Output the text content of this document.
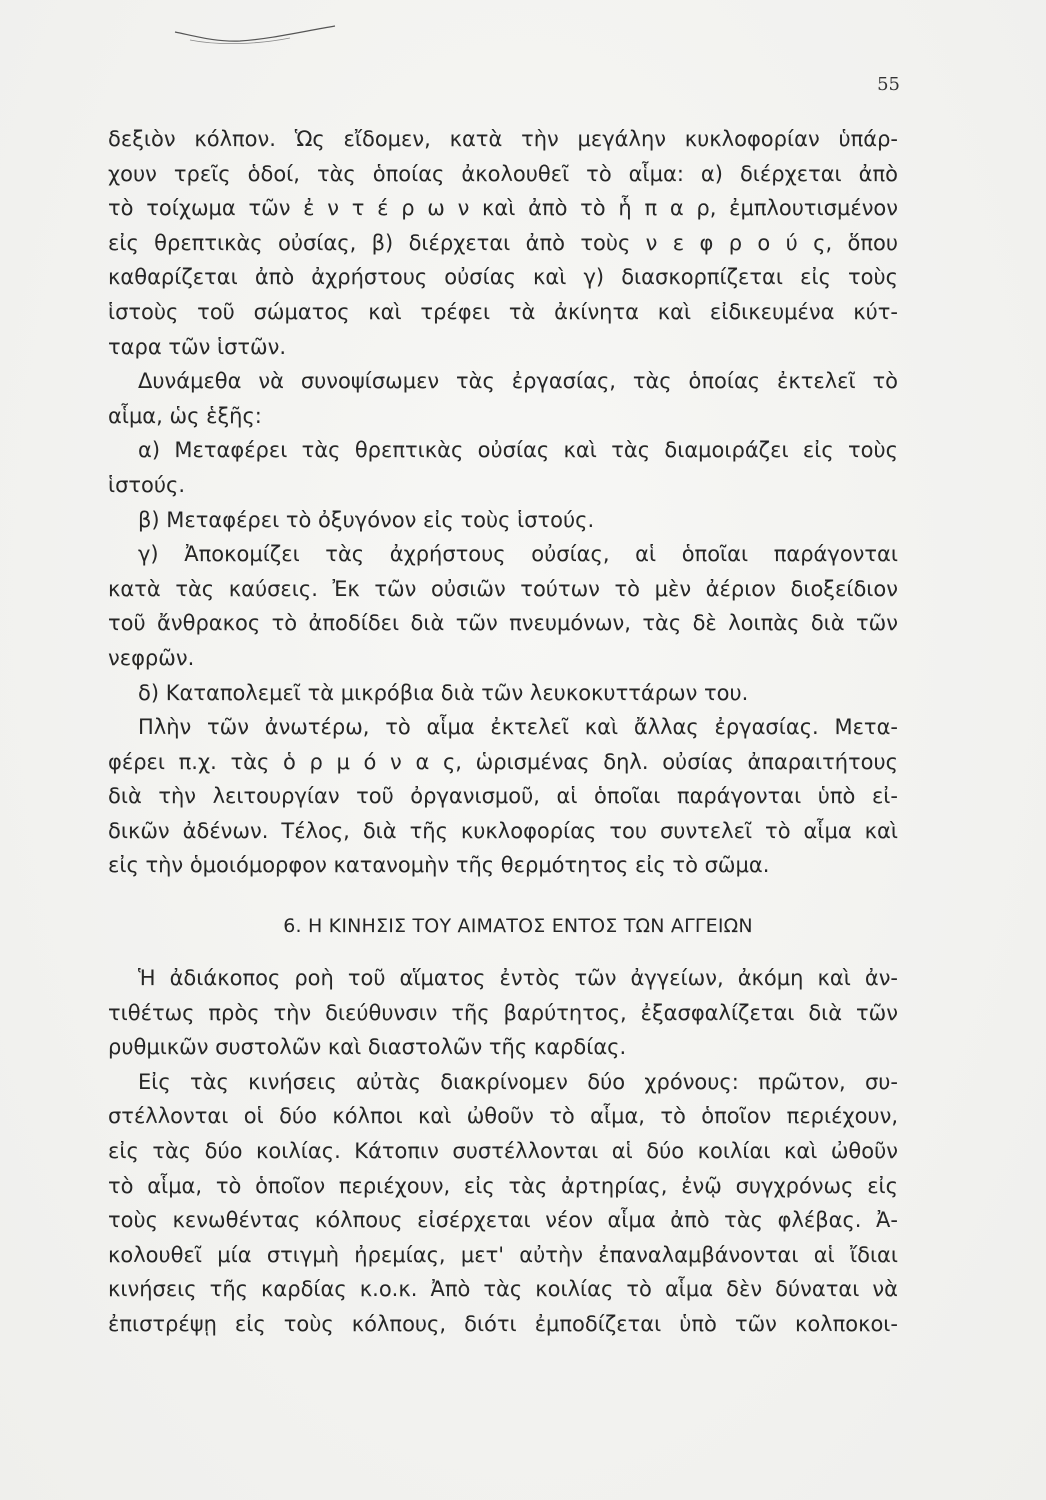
55
δεξιὸν κόλπον. Ὡς εἴδομεν, κατὰ τὴν μεγάλην κυκλοφορίαν ὑπάρ-
χουν τρεῖς ὁδοί, τὰς ὁποίας ἀκολουθεῖ τὸ αἷμα: α) διέρχεται ἀπὸ
τὸ τοίχωμα τῶν ἐ ν τ έ ρ ω ν καὶ ἀπὸ τὸ ἧ π α ρ, ἐμπλουτισμένον
εἰς θρεπτικὰς οὐσίας, β) διέρχεται ἀπὸ τοὺς ν ε φ ρ ο ύ ς, ὅπου
καθαρίζεται ἀπὸ ἀχρήστους οὐσίας καὶ γ) διασκορπίζεται εἰς τοὺς
ἱστοὺς τοῦ σώματος καὶ τρέφει τὰ ἀκίνητα καὶ εἰδικευμένα κύτ-
ταρα τῶν ἱστῶν.
Δυνάμεθα νὰ συνοψίσωμεν τὰς ἐργασίας, τὰς ὁποίας ἐκτελεῖ τὸ
αἷμα, ὡς ἑξῆς:
α) Μεταφέρει τὰς θρεπτικὰς οὐσίας καὶ τὰς διαμοιράζει εἰς τοὺς
ἱστούς.
β) Μεταφέρει τὸ ὀξυγόνον εἰς τοὺς ἱστούς.
γ) Ἀποκομίζει τὰς ἀχρήστους οὐσίας, αἱ ὁποῖαι παράγονται
κατὰ τὰς καύσεις. Ἐκ τῶν οὐσιῶν τούτων τὸ μὲν ἀέριον διοξείδιον
τοῦ ἄνθρακος τὸ ἀποδίδει διὰ τῶν πνευμόνων, τὰς δὲ λοιπὰς διὰ τῶν
νεφρῶν.
δ) Καταπολεμεῖ τὰ μικρόβια διὰ τῶν λευκοκυττάρων του.
Πλὴν τῶν ἀνωτέρω, τὸ αἷμα ἐκτελεῖ καὶ ἄλλας ἐργασίας. Μετα-
φέρει π.χ. τὰς ὁ ρ μ ό ν α ς, ὡρισμένας δηλ. οὐσίας ἀπαραιτήτους
διὰ τὴν λειτουργίαν τοῦ ὀργανισμοῦ, αἱ ὁποῖαι παράγονται ὑπὸ εἰ-
δικῶν ἀδένων. Τέλος, διὰ τῆς κυκλοφορίας του συντελεῖ τὸ αἷμα καὶ
εἰς τὴν ὁμοιόμορφον κατανομὴν τῆς θερμότητος εἰς τὸ σῶμα.
6. Η ΚΙΝΗΣΙΣ ΤΟΥ ΑΙΜΑΤΟΣ ΕΝΤΟΣ ΤΩΝ ΑΓΓΕΙΩΝ
Ἡ ἀδιάκοπος ροὴ τοῦ αἵματος ἐντὸς τῶν ἀγγείων, ἀκόμη καὶ ἀν-
τιθέτως πρὸς τὴν διεύθυνσιν τῆς βαρύτητος, ἐξασφαλίζεται διὰ τῶν
ρυθμικῶν συστολῶν καὶ διαστολῶν τῆς καρδίας.
Εἰς τὰς κινήσεις αὐτὰς διακρίνομεν δύο χρόνους: πρῶτον, συ-
στέλλονται οἱ δύο κόλποι καὶ ὠθοῦν τὸ αἷμα, τὸ ὁποῖον περιέχουν,
εἰς τὰς δύο κοιλίας. Κάτοπιν συστέλλονται αἱ δύο κοιλίαι καὶ ὠθοῦν
τὸ αἷμα, τὸ ὁποῖον περιέχουν, εἰς τὰς ἀρτηρίας, ἐνῷ συγχρόνως εἰς
τοὺς κενωθέντας κόλπους εἰσέρχεται νέον αἷμα ἀπὸ τὰς φλέβας. Ἀ-
κολουθεῖ μία στιγμὴ ἠρεμίας, μετ' αὐτὴν ἐπαναλαμβάνονται αἱ ἴδιαι
κινήσεις τῆς καρδίας κ.ο.κ. Ἀπὸ τὰς κοιλίας τὸ αἷμα δὲν δύναται νὰ
ἐπιστρέψῃ εἰς τοὺς κόλπους, διότι ἐμποδίζεται ὑπὸ τῶν κολποκοι-
